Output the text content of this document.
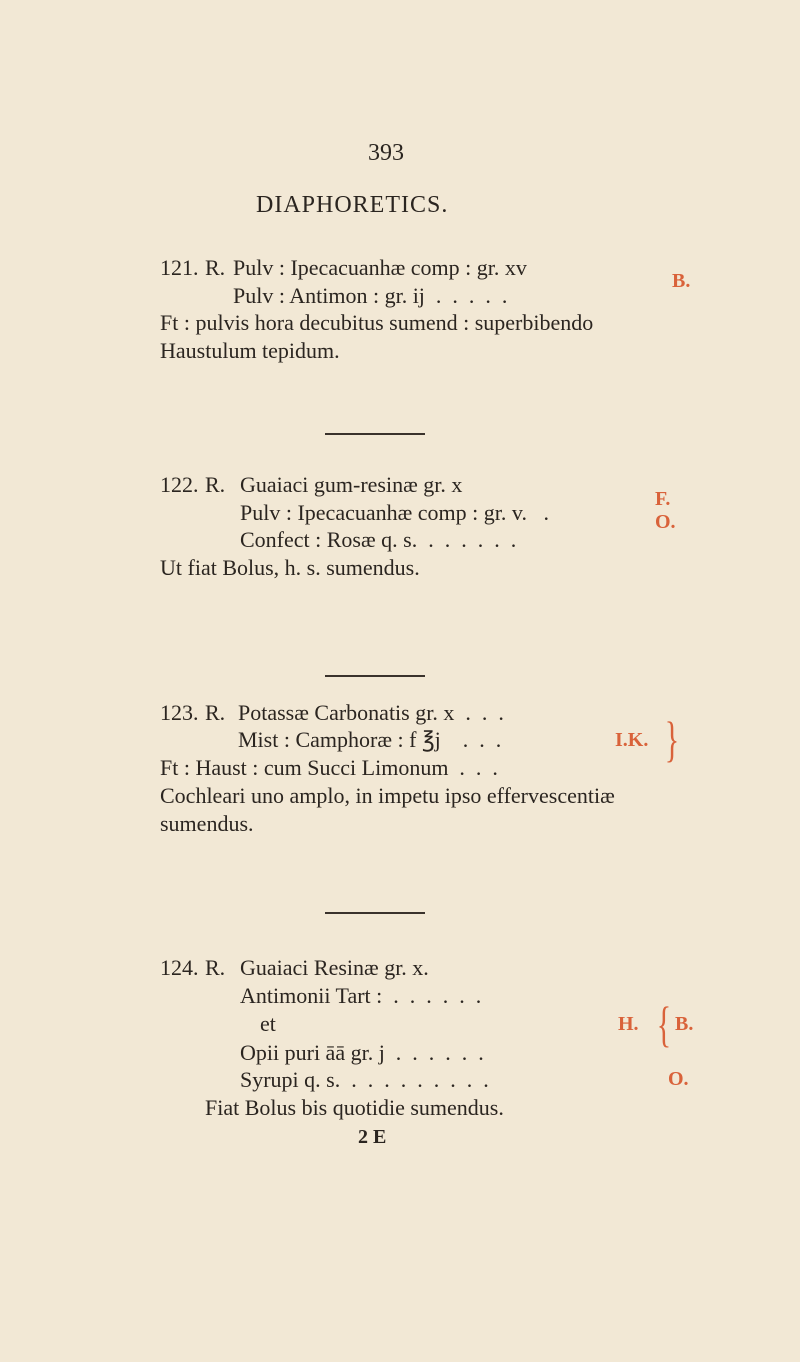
393
DIAPHORETICS.
121. R. Pulv : Ipecacuanhæ comp : gr. xv
Pulv : Antimon : gr. ij  .  .  .  .  .
Ft : pulvis hora decubitus sumend : superbibendo
Haustulum tepidum.
B.
122. R. Guaiaci gum-resinæ gr. x
Pulv : Ipecacuanhæ comp : gr. v.   .
Confect : Rosæ q. s.  .  .  .  .  .  .
Ut fiat Bolus, h. s. sumendus.
F.
O.
123. R. Potassæ Carbonatis gr. x  .  .  .
Mist : Camphoræ : f ℥j    .  .  .
Ft : Haust : cum Succi Limonum  .  .  .
Cochleari uno amplo, in impetu ipso effervescentiæ
sumendus.
I.K. }
124. R. Guaiaci Resinæ gr. x.
Antimonii Tart :  .  .  .  .  .  .
et
Opii puri āā gr. j  .  .  .  .  .  .
Syrupi q. s.  .  .  .  .  .  .  .  .  .
Fiat Bolus bis quotidie sumendus.
H. { B.
O.
2 E
